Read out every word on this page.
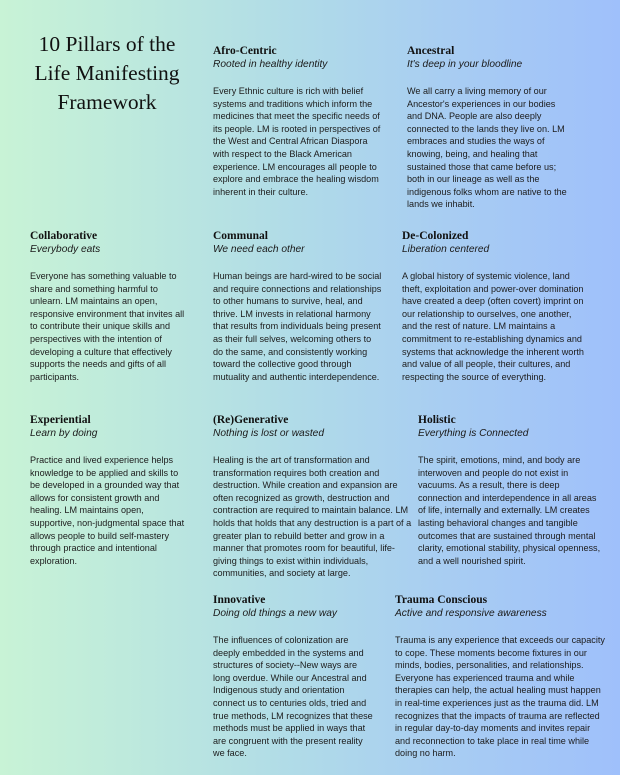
10 Pillars of the Life Manifesting Framework
Afro-Centric
Rooted in healthy identity

Every Ethnic culture is rich with belief systems and traditions which inform the medicines that meet the specific needs of its people. LM is rooted in perspectives of the West and Central African Diaspora with respect to the Black American experience. LM encourages all people to explore and embrace the healing wisdom inherent in their culture.

Ancestral
It's deep in your bloodline

We all carry a living memory of our Ancestor's experiences in our bodies and DNA. People are also deeply connected to the lands they live on. LM embraces and studies the ways of knowing, being, and healing that sustained those that came before us; both in our lineage as well as the indigenous folks whom are native to the lands we inhabit.

Collaborative
Everybody eats

Everyone has something valuable to share and something harmful to unlearn. LM maintains an open, responsive environment that invites all to contribute their unique skills and perspectives with the intention of developing a culture that effectively supports the needs and gifts of all participants.

Communal
We need each other

Human beings are hard-wired to be social and require connections and relationships to other humans to survive, heal, and thrive. LM invests in relational harmony that results from individuals being present as their full selves, welcoming others to do the same, and consistently working toward the collective good through mutuality and authentic interdependence.

De-Colonized
Liberation centered

A global history of systemic violence, land theft, exploitation and power-over domination have created a deep (often covert) imprint on our relationship to ourselves, one another, and the rest of nature. LM maintains a commitment to re-establishing dynamics and systems that acknowledge the inherent worth and value of all people, their cultures, and respecting the source of everything.

Experiential
Learn by doing

Practice and lived experience helps knowledge to be applied and skills to be developed in a grounded way that allows for consistent growth and healing. LM maintains open, supportive, non-judgmental space that allows people to build self-mastery through practice and intentional exploration.

(Re)Generative
Nothing is lost or wasted

Healing is the art of transformation and transformation requires both creation and destruction. While creation and expansion are often recognized as growth, destruction and contraction are required to maintain balance. LM holds that holds that any destruction is a part of a greater plan to rebuild better and grow in a manner that promotes room for beautiful, life-giving things to exist within individuals, communities, and society at large.

Holistic
Everything is Connected

The spirit, emotions, mind, and body are interwoven and people do not exist in vacuums. As a result, there is deep connection and interdependence in all areas of life, internally and externally. LM creates lasting behavioral changes and tangible outcomes that are sustained through mental clarity, emotional stability, physical openness, and a well nourished spirit.

Innovative
Doing old things a new way

The influences of colonization are deeply embedded in the systems and structures of society--New ways are long overdue. While our Ancestral and Indigenous study and orientation connect us to centuries olds, tried and true methods, LM recognizes that these methods must be applied in ways that are congruent with the present reality we face.

Trauma Conscious
Active and responsive awareness

Trauma is any experience that exceeds our capacity to cope. These moments become fixtures in our minds, bodies, personalities, and relationships. Everyone has experienced trauma and while therapies can help, the actual healing must happen in real-time experiences just as the trauma did. LM recognizes that the impacts of trauma are reflected in regular day-to-day moments and invites repair and reconnection to take place in real time while doing no harm.
